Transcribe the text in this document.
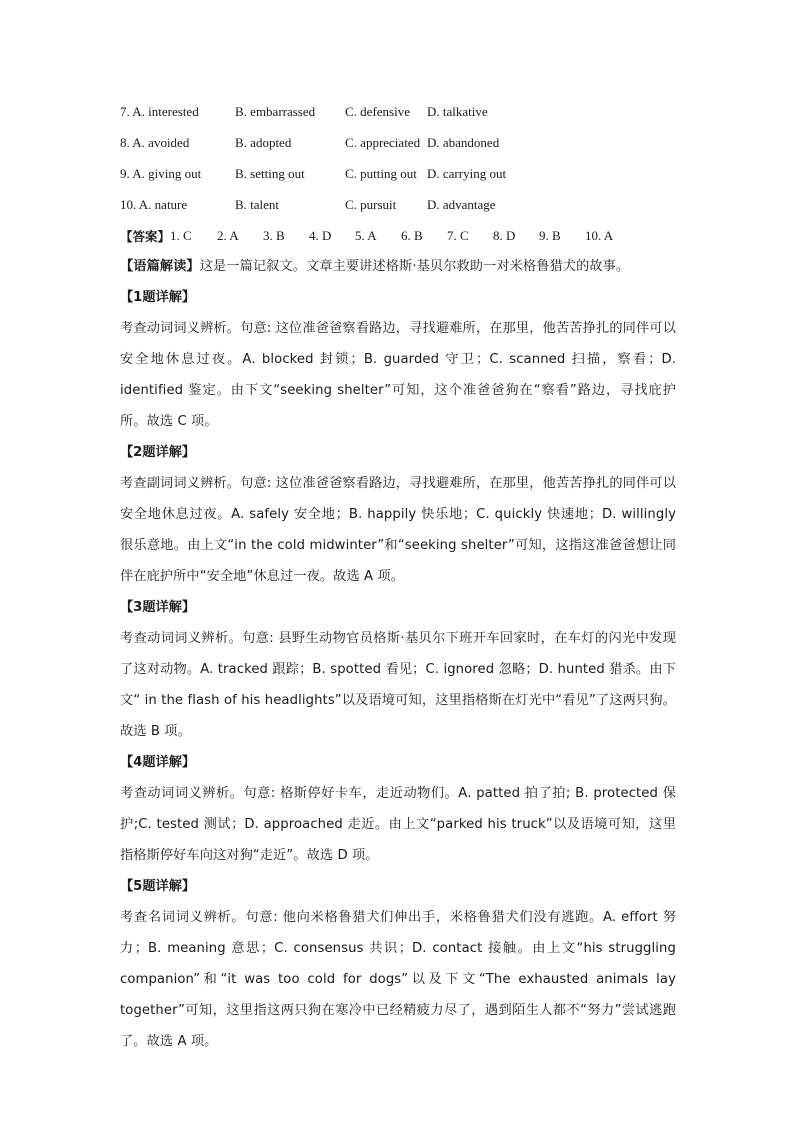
7. A. interested	B. embarrassed	C. defensive	D. talkative
8. A. avoided	B. adopted	C. appreciated D. abandoned
9. A. giving out	B. setting out	C. putting out D. carrying out
10. A. nature	B. talent	C. pursuit	D. advantage
【答案】 1. C	2. A	3. B	4. D	5. A	6. B	7. C	8. D	9. B	10. A

【语篇解读】这是一篇记叙文。文章主要讲述格斯·基贝尔救助一对米格鲁猎犬的故事。

【1题详解】

考查动词词义辨析。句意: 这位准爸爸察看路边，寻找避难所，在那里，他苦苦挣扎的同伴可以安全地休息过夜。A. blocked 封锁；B. guarded 守卫；C. scanned 扫描，察看；D. identified 鉴定。由下文“seeking shelter”可知，这个准爸爸狗在“察看”路边，寻找庇护所。故选 C 项。

【2题详解】

考查副词词义辨析。句意: 这位准爸爸察看路边，寻找避难所，在那里，他苦苦挣扎的同伴可以安全地休息过夜。A. safely 安全地；B. happily 快乐地；C. quickly 快速地；D. willingly 很乐意地。由上文“in the cold midwinter”和“seeking shelter”可知，这指这准爸爸想让同伴在庇护所中“安全地”休息过一夜。故选 A 项。

【3题详解】

考查动词词义辨析。句意: 县野生动物官员格斯·基贝尔下班开车回家时，在车灯的闪光中发现了这对动物。A. tracked 跟踪；B. spotted 看见；C. ignored 忽略；D. hunted 猎杀。由下文“ in the flash of his headlights”以及语境可知，这里指格斯在灯光中“看见”了这两只狗。故选 B 项。

【4题详解】

考查动词词义辨析。句意: 格斯停好卡车，走近动物们。A. patted 拍了拍; B. protected 保护;C. tested 测试；D. approached 走近。由上文“parked his truck”以及语境可知，这里指格斯停好车向这对狗“走近”。故选 D 项。

【5题详解】

考查名词词义辨析。句意: 他向米格鲁猎犬们伸出手，米格鲁猎犬们没有逃跑。A. effort 努力；B. meaning 意思；C. consensus 共识；D. contact 接触。由上文“his struggling companion”和“it was too cold for dogs”以及下文“The exhausted animals lay together”可知，这里指这两只狗在寒冷中已经精疲力尽了，遇到陌生人都不“努力”尝试逃跑了。故选 A 项。
